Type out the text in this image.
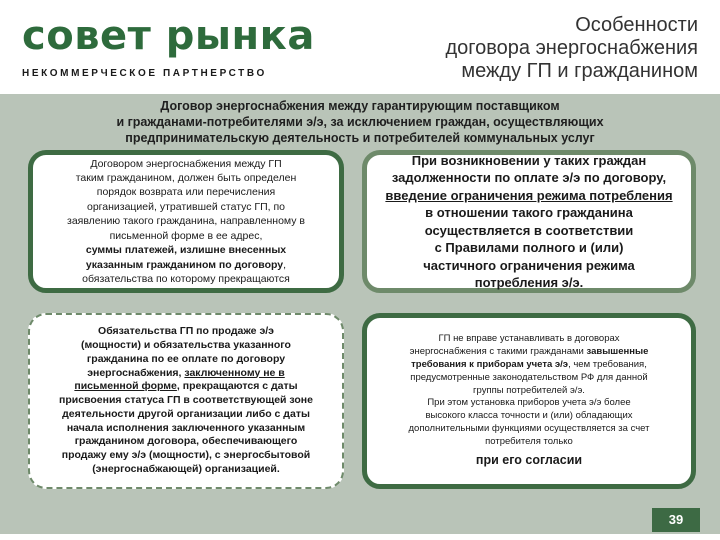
совет рынка
НЕКОММЕРЧЕСКОЕ ПАРТНЕРСТВО
Особенности
договора энергоснабжения
между ГП и гражданином
Договор энергоснабжения между гарантирующим поставщиком
и гражданами-потребителями э/э, за исключением граждан, осуществляющих
предпринимательскую деятельность и потребителей коммунальных услуг
Договором энергоснабжения между ГП
таким гражданином, должен быть определен
порядок возврата или перечисления
организацией, утратившей статус ГП, по
заявлению такого гражданина, направленному в
письменной форме в ее адрес,
суммы платежей, излишне внесенных
указанным гражданином по договору,
обязательства по которому прекращаются
При возникновении у таких граждан
задолженности по оплате э/э по договору,
введение ограничения режима потребления
в отношении такого гражданина
осуществляется в соответствии
с Правилами полного и (или)
частичного ограничения режима
потребления э/э.
Обязательства ГП по продаже э/э
(мощности) и обязательства указанного
гражданина по ее оплате по договору
энергоснабжения, заключенному не в
письменной форме, прекращаются с даты
присвоения статуса ГП в соответствующей зоне
деятельности другой организации либо с даты
начала исполнения заключенного указанным
гражданином договора, обеспечивающего
продажу ему э/э (мощности), с энергосбытовой
(энергоснабжающей) организацией.
ГП не вправе устанавливать в договорах
энергоснабжения с такими гражданами завышенные
требования к приборам учета э/э, чем требования,
предусмотренные законодательством РФ для данной
группы потребителей э/э.
При этом установка приборов учета э/э более
высокого класса точности и (или) обладающих
дополнительными функциями осуществляется за счет
потребителя только
при его согласии
39
